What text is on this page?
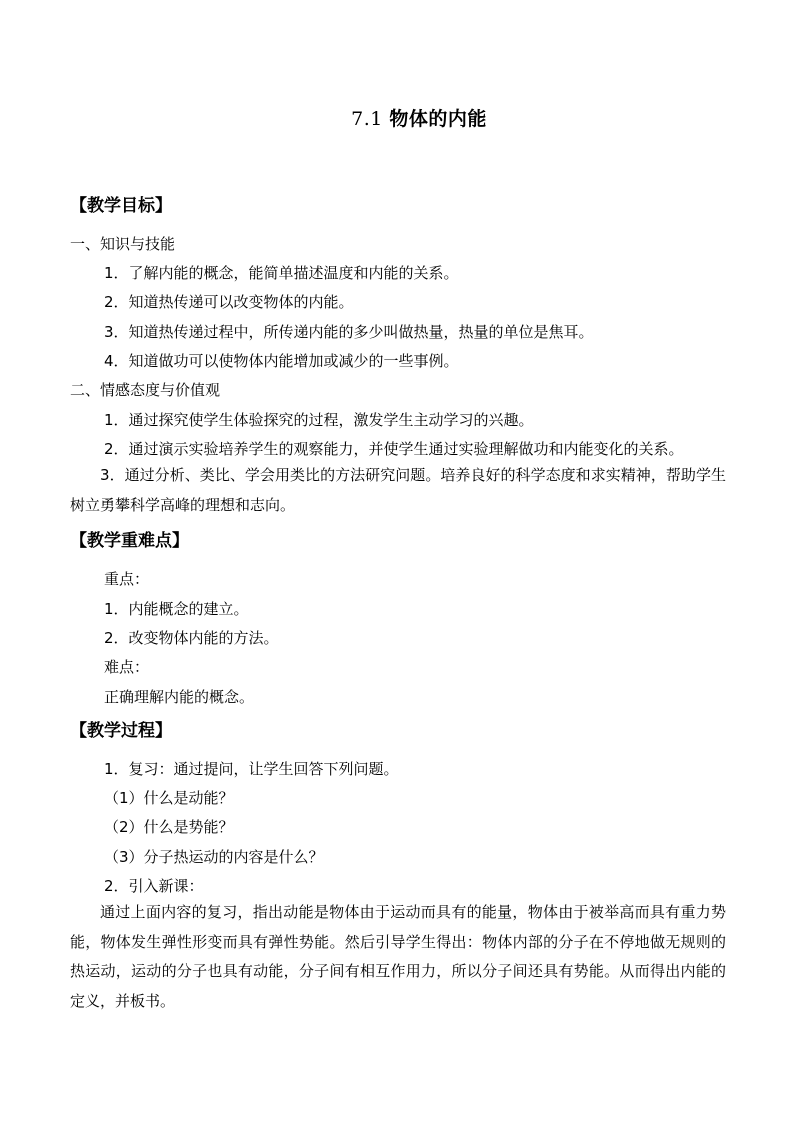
7.1 物体的内能
【教学目标】
一、知识与技能
1．了解内能的概念，能简单描述温度和内能的关系。
2．知道热传递可以改变物体的内能。
3．知道热传递过程中，所传递内能的多少叫做热量，热量的单位是焦耳。
4．知道做功可以使物体内能增加或减少的一些事例。
二、情感态度与价值观
1．通过探究使学生体验探究的过程，激发学生主动学习的兴趣。
2．通过演示实验培养学生的观察能力，并使学生通过实验理解做功和内能变化的关系。
3．通过分析、类比、学会用类比的方法研究问题。培养良好的科学态度和求实精神，帮助学生树立勇攀科学高峰的理想和志向。
【教学重难点】
重点：
1．内能概念的建立。
2．改变物体内能的方法。
难点：
正确理解内能的概念。
【教学过程】
1．复习：通过提问，让学生回答下列问题。
（1）什么是动能？
（2）什么是势能？
（3）分子热运动的内容是什么？
2．引入新课：
通过上面内容的复习，指出动能是物体由于运动而具有的能量，物体由于被举高而具有重力势能，物体发生弹性形变而具有弹性势能。然后引导学生得出：物体内部的分子在不停地做无规则的热运动，运动的分子也具有动能，分子间有相互作用力，所以分子间还具有势能。从而得出内能的定义，并板书。
